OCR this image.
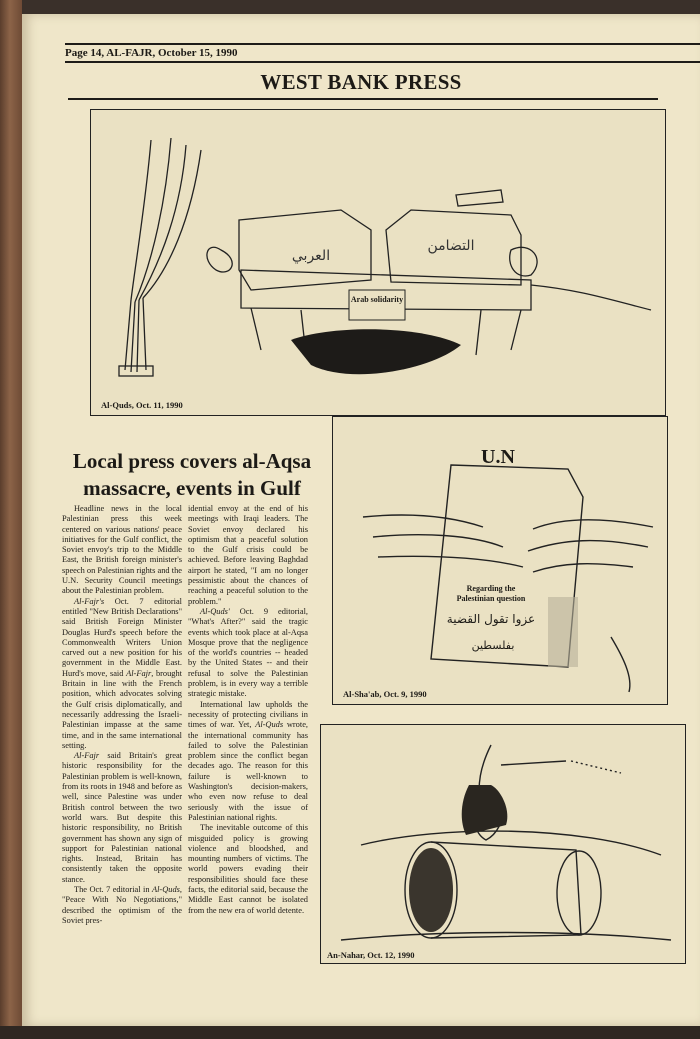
Page 14, AL-FAJR, October 15, 1990
WEST BANK PRESS
Arab solidarity
العربي
التضامن
Al-Quds, Oct. 11, 1990
U.N
Regarding the
Palestinian question
عزوا تقول القضية
بفلسطين
Al-Sha'ab, Oct. 9, 1990
An-Nahar, Oct. 12, 1990
Local press covers al-Aqsa
massacre, events in Gulf

Headline news in the local Palestinian press this week centered on various nations' peace initiatives for the Gulf conflict, the Soviet envoy's trip to the Middle East, the British foreign minister's speech on Palestinian rights and the U.N. Security Council meetings about the Palestinian problem.

Al-Fajr's Oct. 7 editorial entitled "New British Declarations" said British Foreign Minister Douglas Hurd's speech before the Commonwealth Writers Union carved out a new position for his government in the Middle East. Hurd's move, said Al-Fajr, brought Britain in line with the French position, which advocates solving the Gulf crisis diplomatically, and necessarily addressing the Israeli-Palestinian impasse at the same time, and in the same international setting.

Al-Fajr said Britain's great historic responsibility for the Palestinian problem is well-known, from its roots in 1948 and before as well, since Palestine was under British control between the two world wars. But despite this historic responsibility, no British government has shown any sign of support for Palestinian national rights. Instead, Britain has consistently taken the opposite stance.

The Oct. 7 editorial in Al-Quds, "Peace With No Negotiations," described the optimism of the Soviet pres-

idential envoy at the end of his meetings with Iraqi leaders. The Soviet envoy declared his optimism that a peaceful solution to the Gulf crisis could be achieved. Before leaving Baghdad airport he stated, "I am no longer pessimistic about the chances of reaching a peaceful solution to the problem."

Al-Quds' Oct. 9 editorial, "What's After?" said the tragic events which took place at al-Aqsa Mosque prove that the negligence of the world's countries -- headed by the United States -- and their refusal to solve the Palestinian problem, is in every way a terrible strategic mistake.

International law upholds the necessity of protecting civilians in times of war. Yet, Al-Quds wrote, the international community has failed to solve the Palestinian problem since the conflict began decades ago. The reason for this failure is well-known to Washington's decision-makers, who even now refuse to deal seriously with the issue of Palestinian national rights.

The inevitable outcome of this misguided policy is growing violence and bloodshed, and mounting numbers of victims. The world powers evading their responsibilities should face these facts, the editorial said, because the Middle East cannot be isolated from the new era of world detente.
